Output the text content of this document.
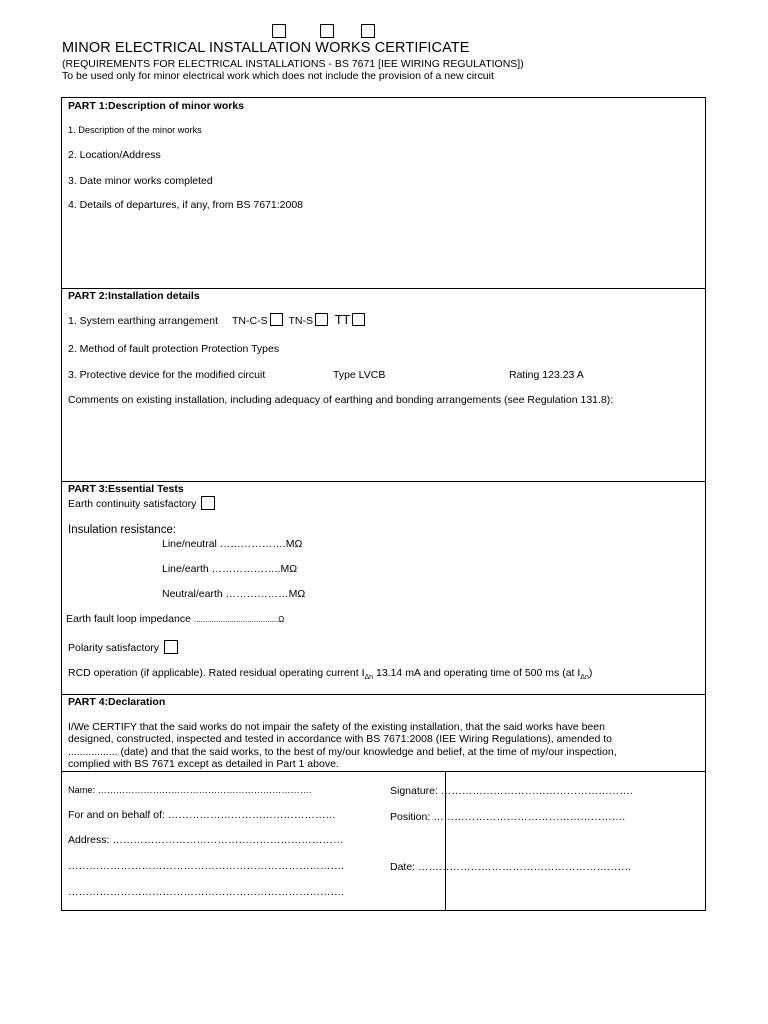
MINOR ELECTRICAL INSTALLATION WORKS CERTIFICATE
(REQUIREMENTS FOR ELECTRICAL INSTALLATIONS - BS 7671 [IEE WIRING REGULATIONS])
To be used only for minor electrical work which does not include the provision of a new circuit
PART 1:Description of minor works
1. Description of the minor works
2. Location/Address
3. Date minor works completed
4. Details of departures, if any, from BS 7671:2008
PART 2:Installation details
1. System earthing arrangement TN-C-S TN-S TT
2. Method of fault protection Protection Types
3. Protective device for the modified circuit	Type LVCB	Rating 123.23 A
Comments on existing installation, including adequacy of earthing and bonding arrangements (see Regulation 131.8):
PART 3:Essential Tests
Earth continuity satisfactory
Insulation resistance:
Line/neutral ……………….MΩ
Line/earth ………………..MΩ
Neutral/earth ………………MΩ
Earth fault loop impedance ......................................Ω
Polarity satisfactory
RCD operation (if applicable). Rated residual operating current $I_{\Delta n}$ 13.14 mA and operating time of 500 ms (at $I_{\Delta n}$)
PART 4:Declaration
I/We CERTIFY that the said works do not impair the safety of the existing installation, that the said works have been
designed, constructed, inspected and tested in accordance with BS 7671:2008 (IEE Wiring Regulations), amended to
................. (date) and that the said works, to the best of my/our knowledge and belief, at the time of my/our inspection,
complied with BS 7671 except as detailed in Part 1 above.
Name: …………………………………………………………….
For and on behalf of: …………………………………………
Address: …………………………………………………………
…………………………………………………………………….
…………………………………………………………………….
Signature: ……………………………………………….
Position: ……………………………………………….
Date: …………………………………………………….
